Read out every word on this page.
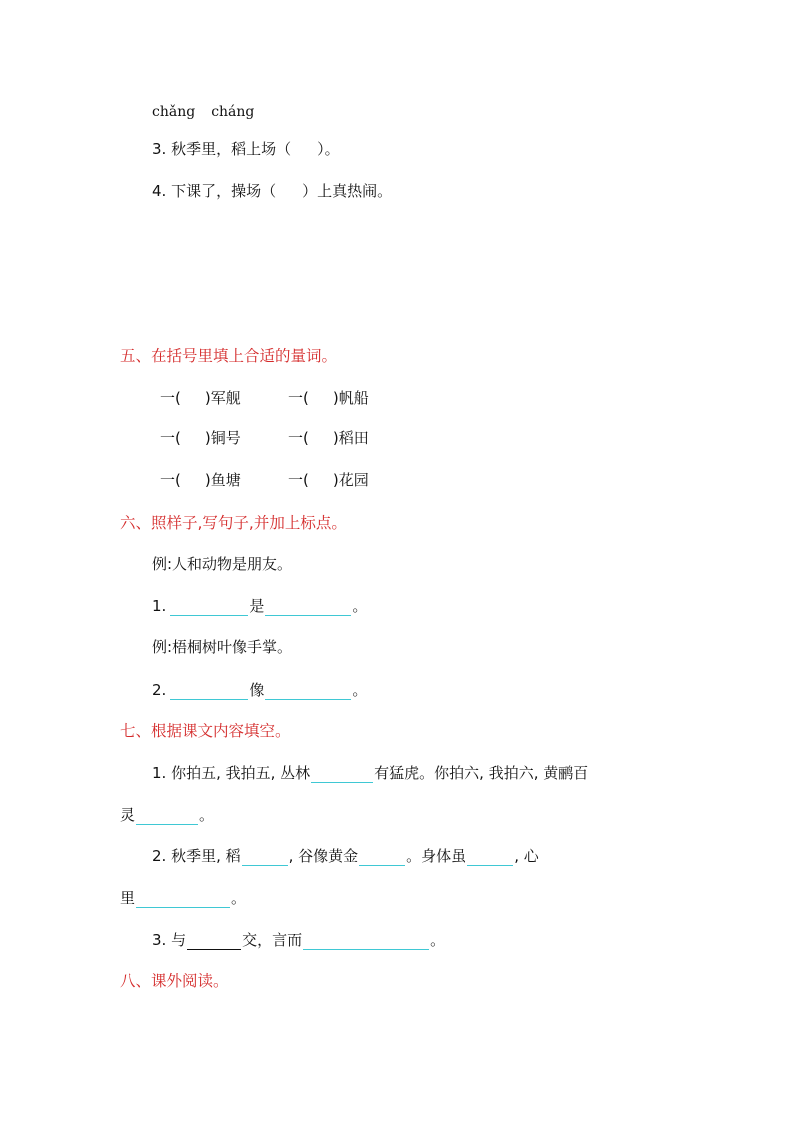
chǎng cháng
3. 秋季里，稻上场（ ）。
4. 下课了，操场（ ）上真热闹。
五、在括号里填上合适的量词。
一( )军舰	一( )帆船
一( )铜号	一( )稻田
一( )鱼塘	一( )花园
六、照样子,写句子,并加上标点。
例:人和动物是朋友。
1.	是	。
例:梧桐树叶像手掌。
2.	像	。
七、根据课文内容填空。
1. 你拍五, 我拍五, 丛林	有猛虎。你拍六, 我拍六, 黄鹂百
灵	。
2. 秋季里, 稻	, 谷像黄金	。身体虽	, 心
里	。
3. 与	交，言而	。
八、课外阅读。
